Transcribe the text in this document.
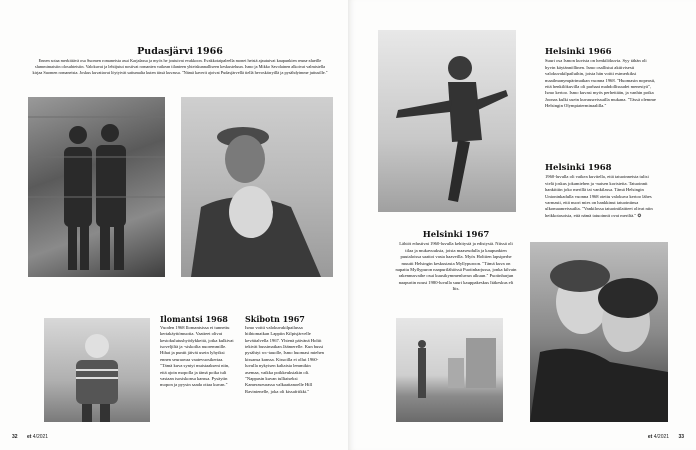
Pudasjärvi 1966

Ennen sotaa merkittävä osa Suomen romaneista asui Karjalassa ja myös he joutuivat evakkoon. Evakkotaipaleella monet heistä ajautuivat kaupunkien reuna-alueille slummimaisiin olosuhteisiin. Valokuvat ja lehtijutut nostivat romanien vaikean tilanteen yhteiskunnalliseen keskusteluun. Ismo ja Mikko Savolainen alkoivat valmistella kirjaa Suomen romaneista. Joskus kuvattavat löytyivät sattumalta kuten tässä kuvassa. "Nämä kaverit ajoivat Pudasjärvellä tiellä hevoskärryillä ja pysähdyimme juttusille."

Helsinki 1966

Suuri osa Ismon kuvista on henkilökuvia. Syy tähän oli hyvin käytännöllinen. Ismo osallistui aktiivisesti valokuvakilpailuihin, joista hän voitti esimerkiksi maailmanympärimatkan vuonna 1968. "Huomasin nopeasti, että henkilökuvilla oli parhaat mahdollisuudet menestyä", Ismo kertoo. Ismo kuvasi myös perhettään, ja vanhin poika Joonas kulki usein kuvausreissuilla mukana. "Tässä olemme Helsingin Olympiaterminaalilla."

Helsinki 1968

1960-luvulla oli vaikea kuvitella, että tatuoinneista tulisi vielä joskus jokamiehen ja -naisen koristeita. Tatuoinnit hankittiin joko merillä tai vankilassa. Tämä Helsingin Unioninkadulla vuonna 1968 otettu valokuva kertoo lähes varmasti, että nuori mies on hankkinut tatuointinsa ulkomaanreissuilta. "Vankilossa tatuointilaitteet olivat niin heikkotasoisia, että nämä tatuoinnit ovat meriltä." ❂

Helsinki 1967

Lähiöt edustivat 1960-luvulla kehitystä ja edistystä. Niissä oli tilaa ja mukavuuksia, joista maaseudulla ja kaupunkien puutaloissa saattoi vasta haaveilla. Myös Holttien lapsiperhe muutti Helsingin keskustasta Myllypuroon. "Tämä kuva on napattu Myllypuron naapurilähiössä Puotinharjussa, jonka kilvain rakennusvaihe osui kuusikymmenluvun alkuun." Puotinharjun naapuriin nousi 1980-luvulla suuri kauppakeskus Itäkeskus eli Itis.

Ilomantsi 1968

Vuoden 1968 Ilomantsissa ei tunnettu kertakäyttömuotia. Vaatteet olivat kestokulutushyödykkeitä, jotka kulkivat isoveljiltä ja -siskoilta nuoremmille. Hihat ja puntit jäivät usein lyhyiksi ennen seuraavaa vaatevuosikertaa. "Tämä kuva syntyi muistaakseni niin, että ajoin mopolla ja tämä poika tuli vastaan isosiskonsa kanssa. Pysäytin mopon ja pyysin saada ottaa kuvan."

Skibotn 1967

Ismo voitti valokuvakilpailussa hiihtomatkan Lappiin Kilpisjärvelle kevättalvella 1967. Yhtenä päivänä Holtit tekivät bussimatkan Jäämerelle. Kun bussi pysähtyi wc-tauolle, Ismo huomasi miehen kissansa kanssa. Kissoilla ei ollut 1960-luvulla nykyisen kaltaista lemmikin asemaa, vaikka poikkeuksiakin oli. "Nappasin kuvan tulliaiseksi Kameraseurassa valkaattanoelle Hill Ravinienelle, joka oli kissafriikki."

32 et 4/2021	et 4/2021 33
